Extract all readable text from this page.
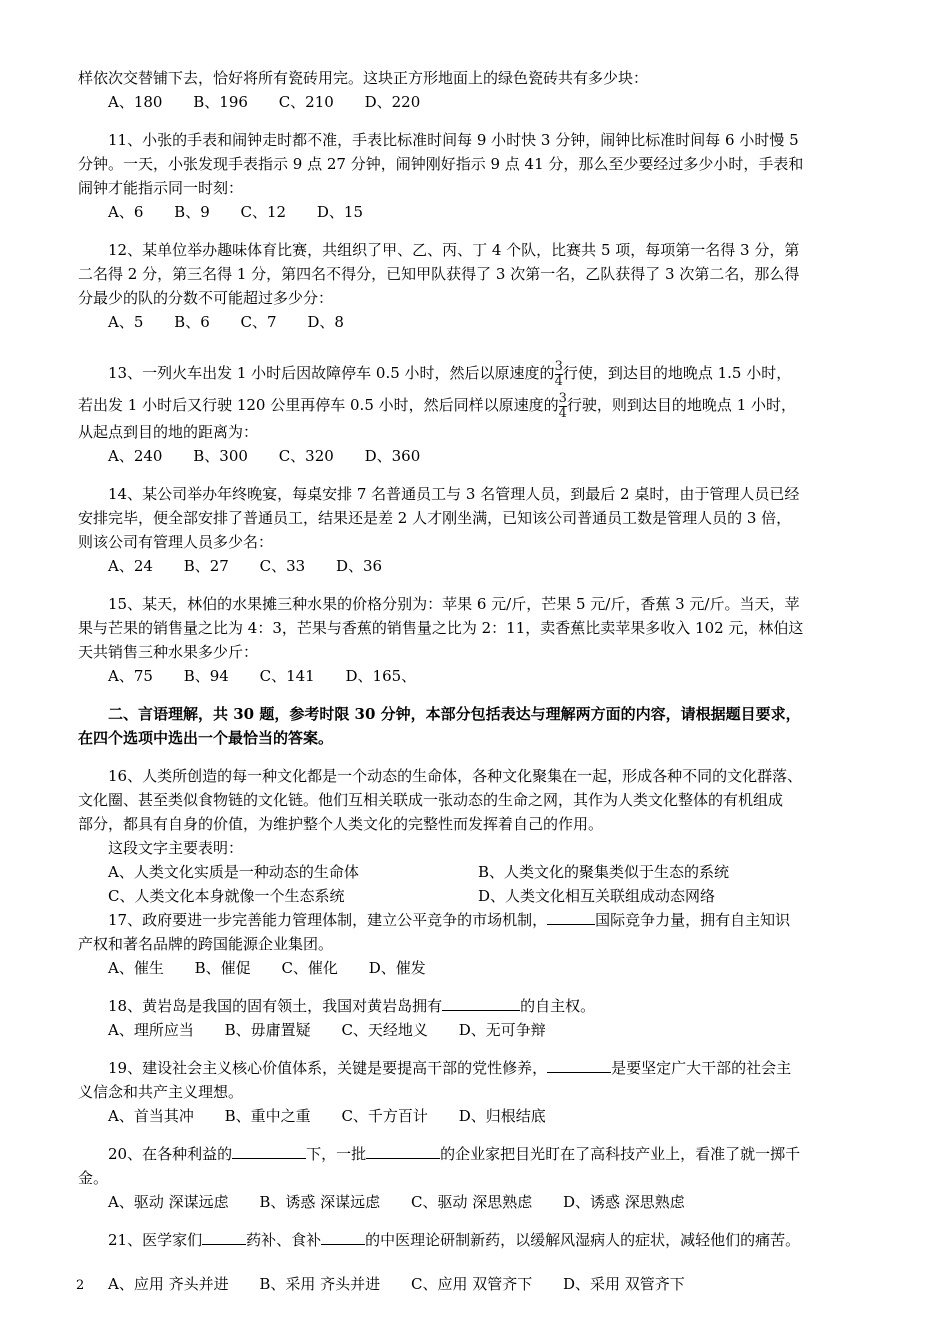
样依次交替铺下去，恰好将所有瓷砖用完。这块正方形地面上的绿色瓷砖共有多少块：
A、180 B、196 C、210 D、220
11、小张的手表和闹钟走时都不准，手表比标准时间每 9 小时快 3 分钟，闹钟比标准时间每 6 小时慢 5
分钟。一天，小张发现手表指示 9 点 27 分钟，闹钟刚好指示 9 点 41 分，那么至少要经过多少小时，手表和
闹钟才能指示同一时刻：
A、6 B、9 C、12 D、15
12、某单位举办趣味体育比赛，共组织了甲、乙、丙、丁 4 个队，比赛共 5 项，每项第一名得 3 分，第
二名得 2 分，第三名得 1 分，第四名不得分，已知甲队获得了 3 次第一名，乙队获得了 3 次第二名，那么得
分最少的队的分数不可能超过多少分：
A、5 B、6 C、7 D、8
13、一列火车出发 1 小时后因故障停车 0.5 小时，然后以原速度的 $\frac{3}{4}$ 行使，到达目的地晚点 1.5 小时，
若出发 1 小时后又行驶 120 公里再停车 0.5 小时，然后同样以原速度的 $\frac{3}{4}$ 行驶，则到达目的地晚点 1 小时，
从起点到目的地的距离为：
A、240 B、300 C、320 D、360
14、某公司举办年终晚宴，每桌安排 7 名普通员工与 3 名管理人员，到最后 2 桌时，由于管理人员已经
安排完毕，便全部安排了普通员工，结果还是差 2 人才刚坐满，已知该公司普通员工数是管理人员的 3 倍，
则该公司有管理人员多少名：
A、24 B、27 C、33 D、36
15、某天，林伯的水果摊三种水果的价格分别为：苹果 6 元/斤，芒果 5 元/斤，香蕉 3 元/斤。当天，苹
果与芒果的销售量之比为 4：3，芒果与香蕉的销售量之比为 2：11，卖香蕉比卖苹果多收入 102 元，林伯这
天共销售三种水果多少斤：
A、75 B、94 C、141 D、165、
二、言语理解，共 30 题，参考时限 30 分钟，本部分包括表达与理解两方面的内容，请根据题目要求，
在四个选项中选出一个最恰当的答案。
16、人类所创造的每一种文化都是一个动态的生命体，各种文化聚集在一起，形成各种不同的文化群落、
文化圈、甚至类似食物链的文化链。他们互相关联成一张动态的生命之网，其作为人类文化整体的有机组成
部分，都具有自身的价值，为维护整个人类文化的完整性而发挥着自己的作用。
这段文字主要表明：
A、人类文化实质是一种动态的生命体	B、人类文化的聚集类似于生态的系统
C、人类文化本身就像一个生态系统	D、人类文化相互关联组成动态网络
17、政府要进一步完善能力管理体制，建立公平竞争的市场机制，	国际竞争力量，拥有自主知识
产权和著名品牌的跨国能源企业集团。
A、催生 B、催促 C、催化 D、催发
18、黄岩岛是我国的固有领土，我国对黄岩岛拥有	的自主权。
A、理所应当 B、毋庸置疑 C、天经地义 D、无可争辩
19、建设社会主义核心价值体系，关键是要提高干部的党性修养，	是要坚定广大干部的社会主
义信念和共产主义理想。
A、首当其冲 B、重中之重 C、千方百计 D、归根结底
20、在各种利益的	下，一批	的企业家把目光盯在了高科技产业上，看准了就一掷千
金。
A、驱动 深谋远虑 B、诱惑 深谋远虑 C、驱动 深思熟虑 D、诱惑 深思熟虑
21、医学家们	药补、食补	的中医理论研制新药，以缓解风湿病人的症状，减轻他们的痛苦。
A、应用 齐头并进 B、采用 齐头并进 C、应用 双管齐下 D、采用 双管齐下
2
